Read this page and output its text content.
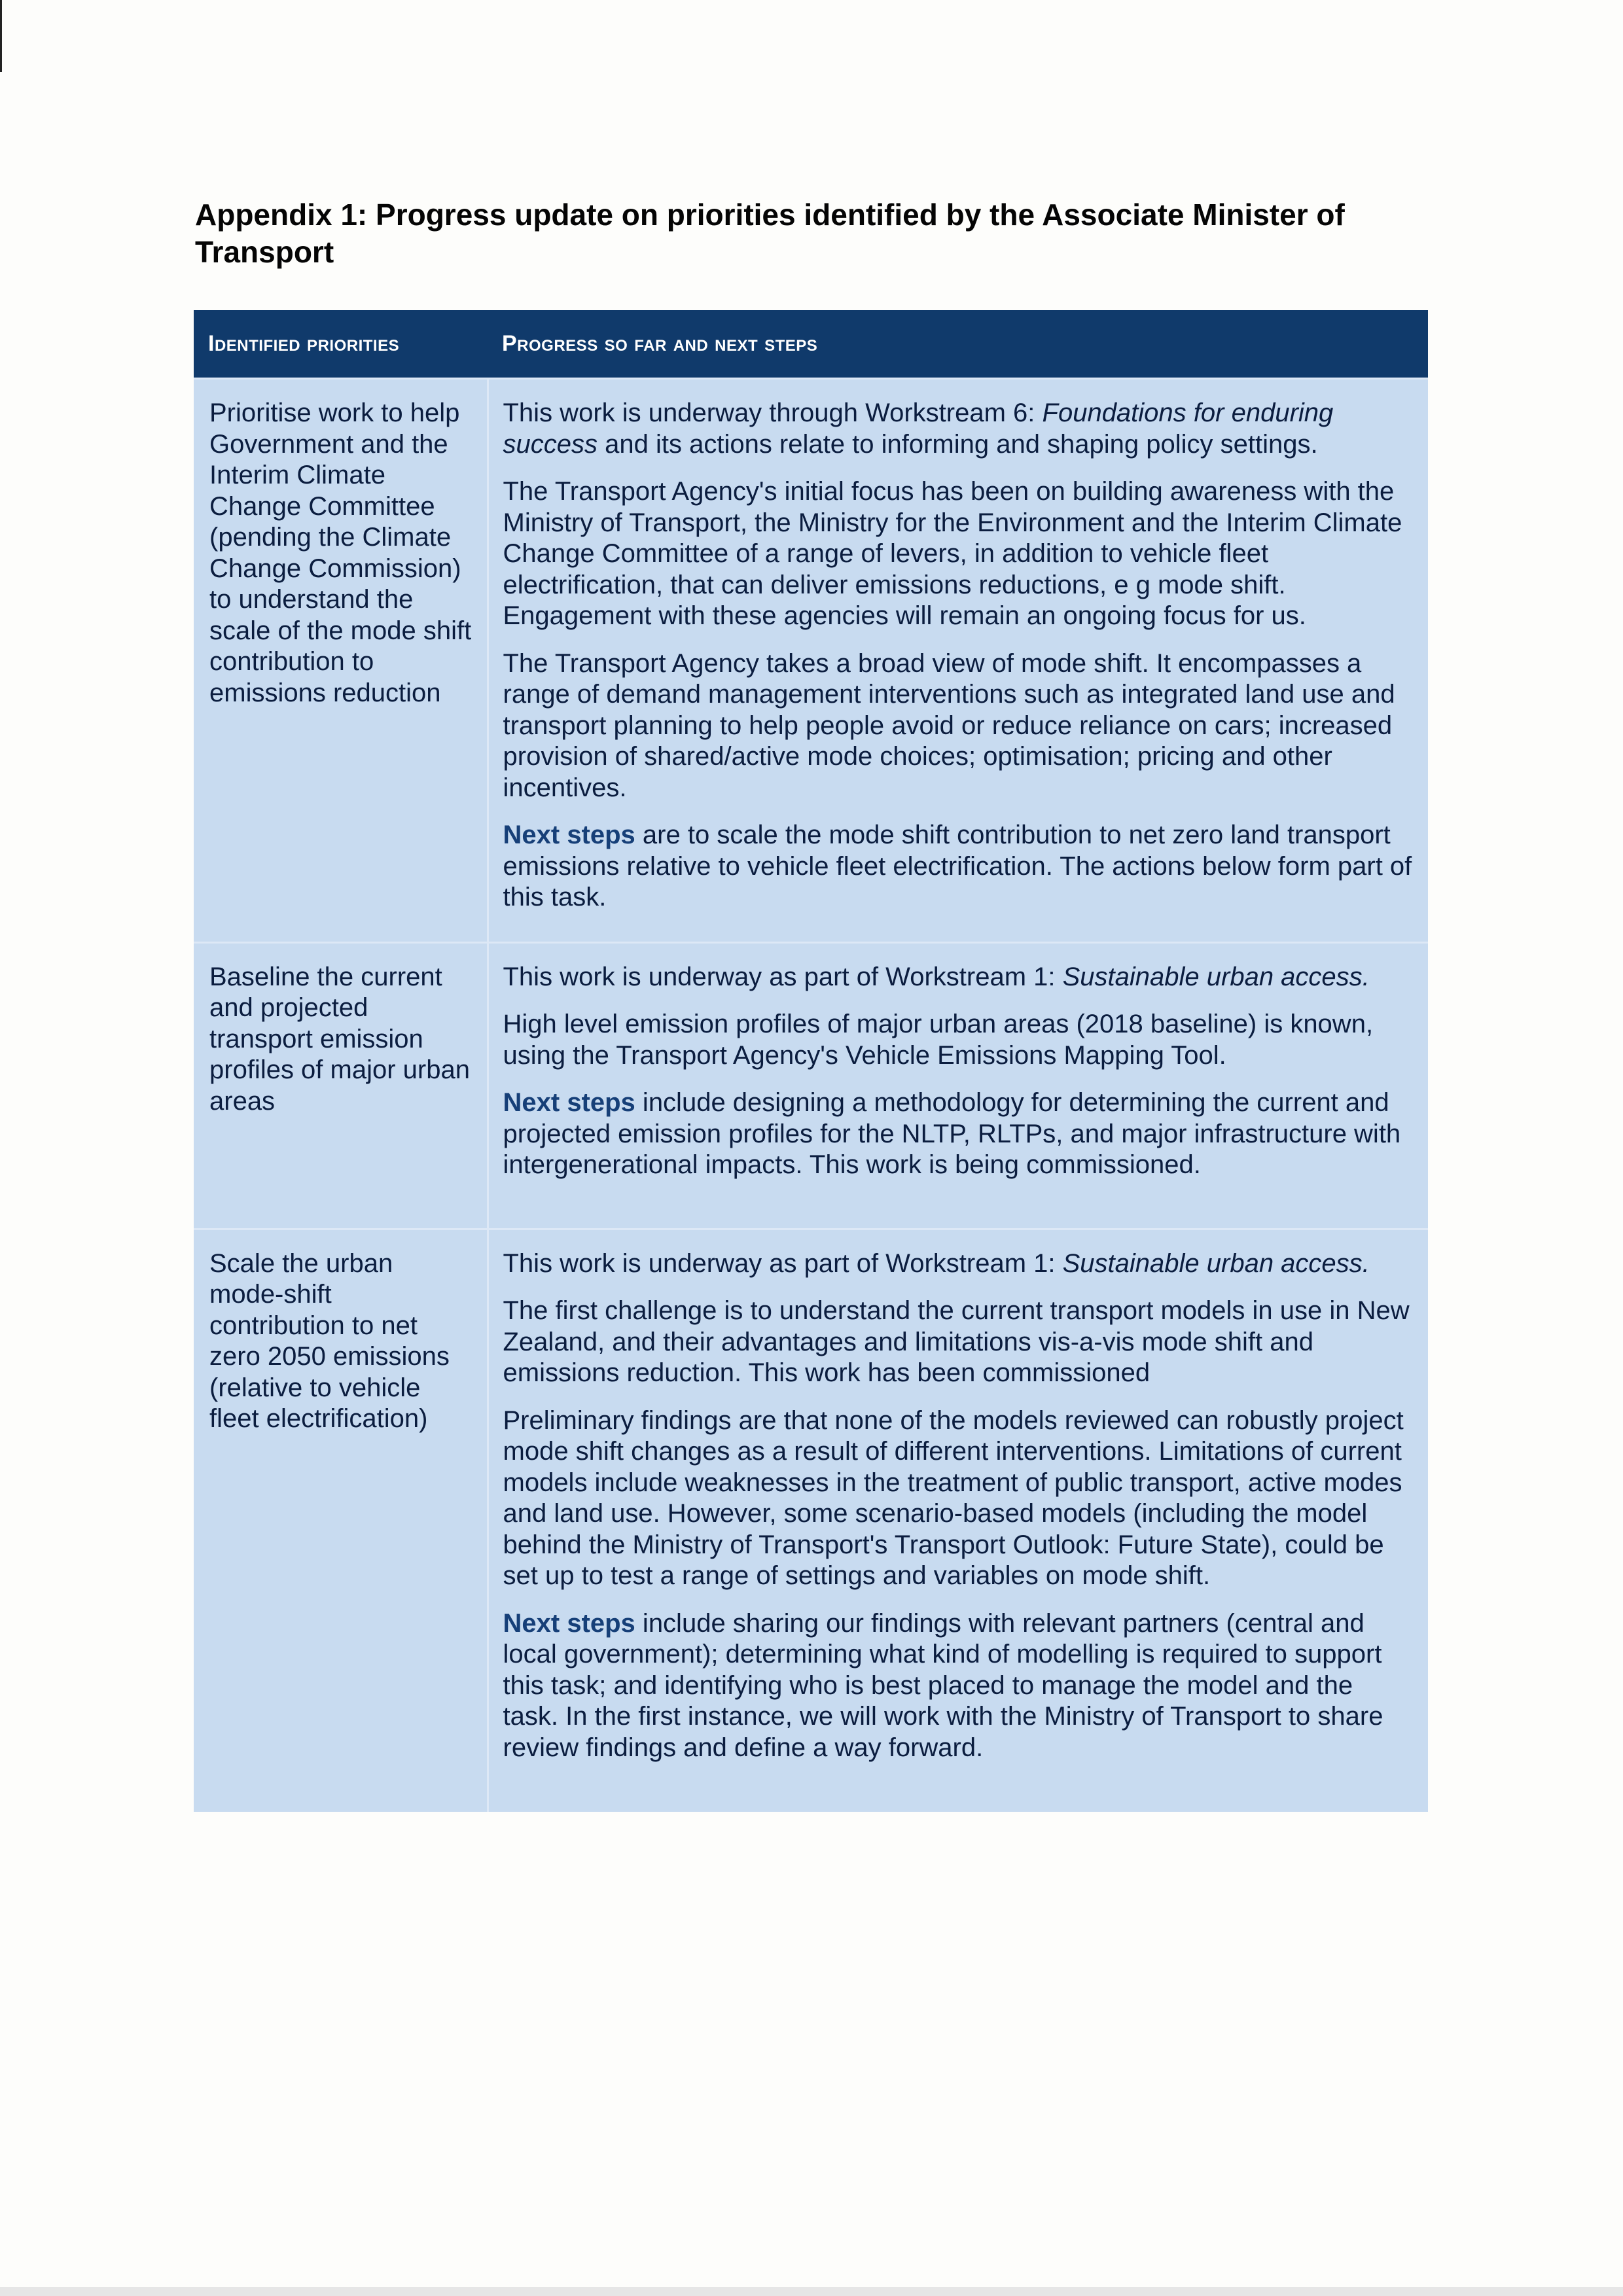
Appendix 1: Progress update on priorities identified by the Associate Minister of Transport
Identified priorities	Progress so far and next steps
Prioritise work to help Government and the Interim Climate Change Committee (pending the Climate Change Commission) to understand the scale of the mode shift contribution to emissions reduction	This work is underway through Workstream 6: Foundations for enduring success and its actions relate to informing and shaping policy settings.

The Transport Agency's initial focus has been on building awareness with the Ministry of Transport, the Ministry for the Environment and the Interim Climate Change Committee of a range of levers, in addition to vehicle fleet electrification, that can deliver emissions reductions, e g mode shift. Engagement with these agencies will remain an ongoing focus for us.

The Transport Agency takes a broad view of mode shift. It encompasses a range of demand management interventions such as integrated land use and transport planning to help people avoid or reduce reliance on cars; increased provision of shared/active mode choices; optimisation; pricing and other incentives.

Next steps are to scale the mode shift contribution to net zero land transport emissions relative to vehicle fleet electrification. The actions below form part of this task.

Baseline the current and projected transport emission profiles of major urban areas	This work is underway as part of Workstream 1: Sustainable urban access.

High level emission profiles of major urban areas (2018 baseline) is known, using the Transport Agency's Vehicle Emissions Mapping Tool.

Next steps include designing a methodology for determining the current and projected emission profiles for the NLTP, RLTPs, and major infrastructure with intergenerational impacts. This work is being commissioned.

Scale the urban mode-shift contribution to net zero 2050 emissions (relative to vehicle fleet electrification)	This work is underway as part of Workstream 1: Sustainable urban access.

The first challenge is to understand the current transport models in use in New Zealand, and their advantages and limitations vis-a-vis mode shift and emissions reduction. This work has been commissioned

Preliminary findings are that none of the models reviewed can robustly project mode shift changes as a result of different interventions. Limitations of current models include weaknesses in the treatment of public transport, active modes and land use. However, some scenario-based models (including the model behind the Ministry of Transport's Transport Outlook: Future State), could be set up to test a range of settings and variables on mode shift.

Next steps include sharing our findings with relevant partners (central and local government); determining what kind of modelling is required to support this task; and identifying who is best placed to manage the model and the task. In the first instance, we will work with the Ministry of Transport to share review findings and define a way forward.
